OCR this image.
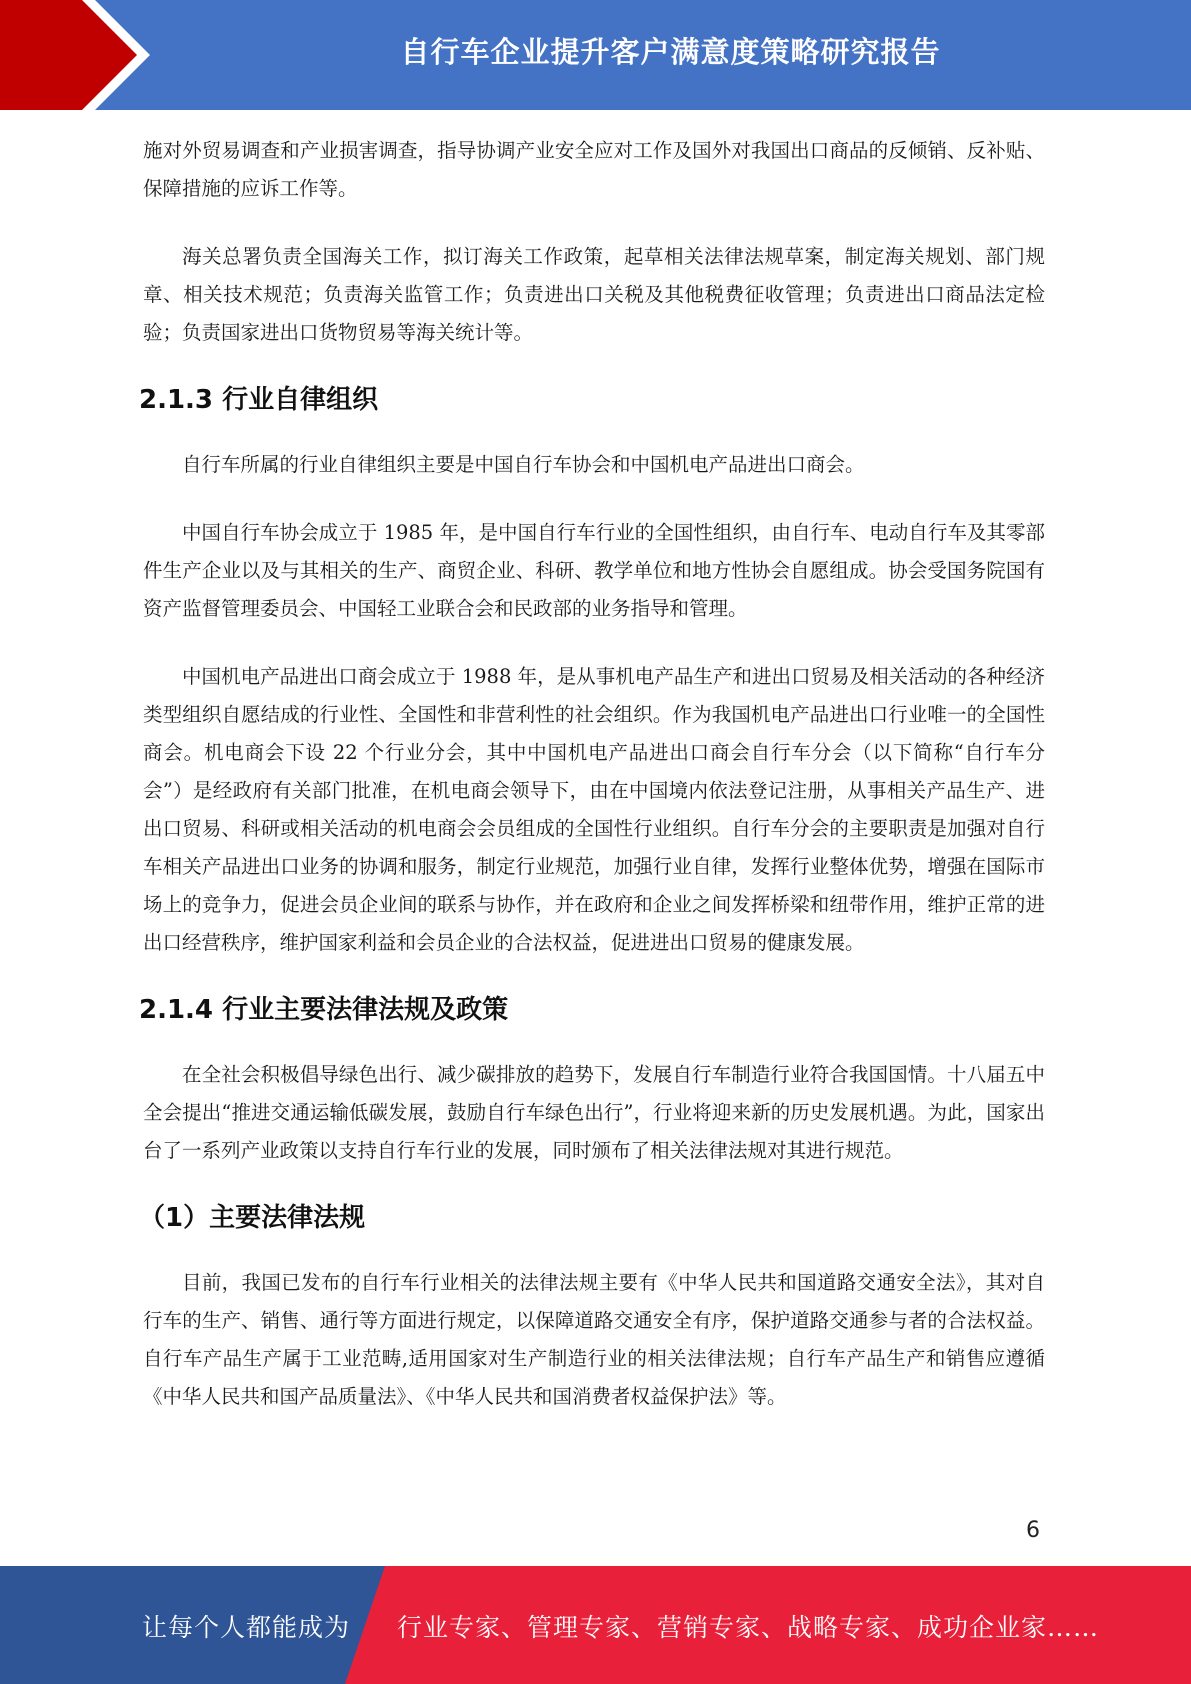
自行车企业提升客户满意度策略研究报告

施对外贸易调查和产业损害调查，指导协调产业安全应对工作及国外对我国出口商品的反倾销、反补贴、保障措施的应诉工作等。

海关总署负责全国海关工作，拟订海关工作政策，起草相关法律法规草案，制定海关规划、部门规章、相关技术规范；负责海关监管工作；负责进出口关税及其他税费征收管理；负责进出口商品法定检验；负责国家进出口货物贸易等海关统计等。

2.1.3 行业自律组织

自行车所属的行业自律组织主要是中国自行车协会和中国机电产品进出口商会。

中国自行车协会成立于 1985 年，是中国自行车行业的全国性组织，由自行车、电动自行车及其零部件生产企业以及与其相关的生产、商贸企业、科研、教学单位和地方性协会自愿组成。协会受国务院国有资产监督管理委员会、中国轻工业联合会和民政部的业务指导和管理。

中国机电产品进出口商会成立于 1988 年，是从事机电产品生产和进出口贸易及相关活动的各种经济类型组织自愿结成的行业性、全国性和非营利性的社会组织。作为我国机电产品进出口行业唯一的全国性商会。机电商会下设 22 个行业分会，其中中国机电产品进出口商会自行车分会（以下简称“自行车分会”）是经政府有关部门批准，在机电商会领导下，由在中国境内依法登记注册，从事相关产品生产、进出口贸易、科研或相关活动的机电商会会员组成的全国性行业组织。自行车分会的主要职责是加强对自行车相关产品进出口业务的协调和服务，制定行业规范，加强行业自律，发挥行业整体优势，增强在国际市场上的竞争力，促进会员企业间的联系与协作，并在政府和企业之间发挥桥梁和纽带作用，维护正常的进出口经营秩序，维护国家利益和会员企业的合法权益，促进进出口贸易的健康发展。

2.1.4 行业主要法律法规及政策

在全社会积极倡导绿色出行、减少碳排放的趋势下，发展自行车制造行业符合我国国情。十八届五中全会提出“推进交通运输低碳发展，鼓励自行车绿色出行”，行业将迎来新的历史发展机遇。为此，国家出台了一系列产业政策以支持自行车行业的发展，同时颁布了相关法律法规对其进行规范。

（1）主要法律法规

目前，我国已发布的自行车行业相关的法律法规主要有《中华人民共和国道路交通安全法》，其对自行车的生产、销售、通行等方面进行规定，以保障道路交通安全有序，保护道路交通参与者的合法权益。自行车产品生产属于工业范畴,适用国家对生产制造行业的相关法律法规；自行车产品生产和销售应遵循《中华人民共和国产品质量法》、《中华人民共和国消费者权益保护法》等。

6
让每个人都能成为 行业专家、管理专家、营销专家、战略专家、成功企业家……
